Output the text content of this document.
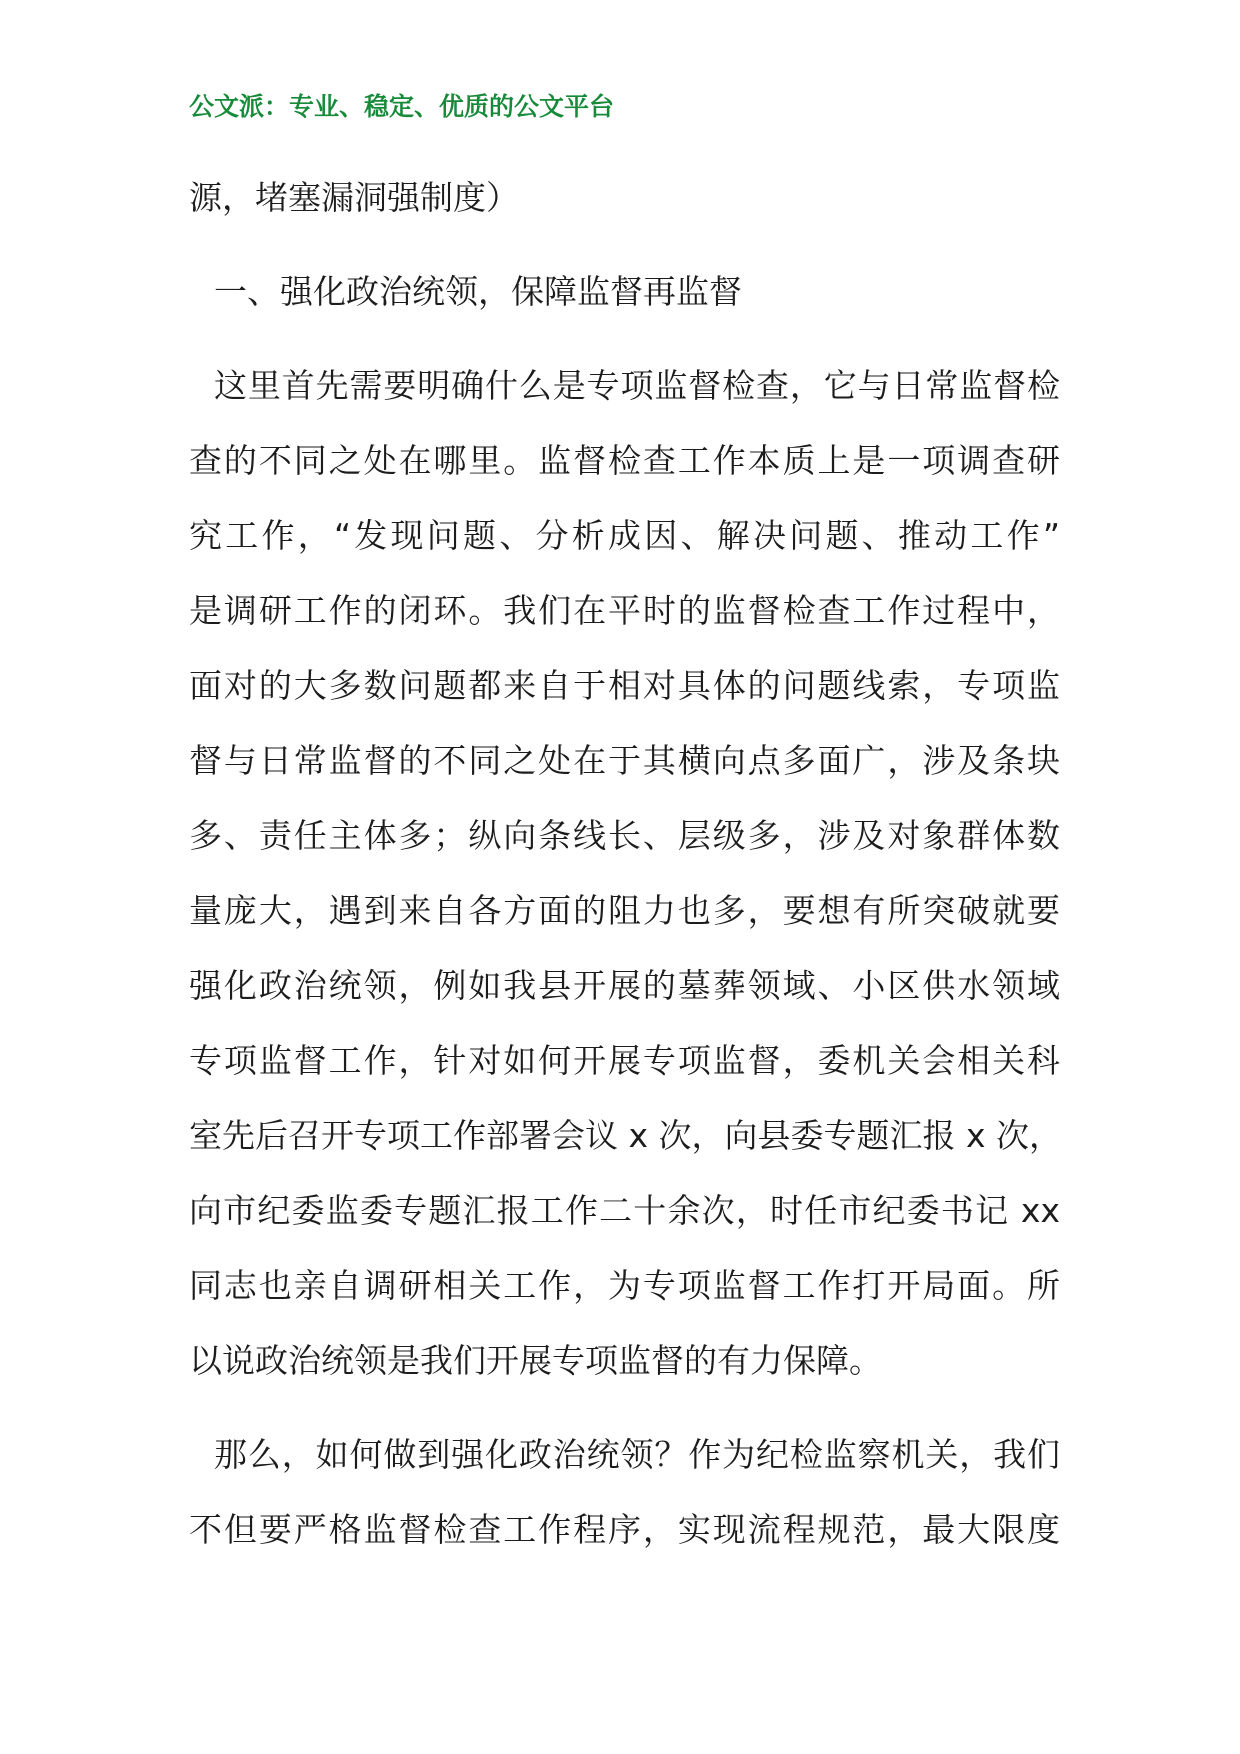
公文派：专业、稳定、优质的公文平台
源，堵塞漏洞强制度）
一、强化政治统领，保障监督再监督
这里首先需要明确什么是专项监督检查，它与日常监督检
查的不同之处在哪里。监督检查工作本质上是一项调查研
究工作，“发现问题、分析成因、解决问题、推动工作”
是调研工作的闭环。我们在平时的监督检查工作过程中，
面对的大多数问题都来自于相对具体的问题线索，专项监
督与日常监督的不同之处在于其横向点多面广，涉及条块
多、责任主体多；纵向条线长、层级多，涉及对象群体数
量庞大，遇到来自各方面的阻力也多，要想有所突破就要
强化政治统领，例如我县开展的墓葬领域、小区供水领域
专项监督工作，针对如何开展专项监督，委机关会相关科
室先后召开专项工作部署会议 x 次，向县委专题汇报 x 次，
向市纪委监委专题汇报工作二十余次，时任市纪委书记 xx
同志也亲自调研相关工作，为专项监督工作打开局面。所
以说政治统领是我们开展专项监督的有力保障。
那么，如何做到强化政治统领？作为纪检监察机关，我们
不但要严格监督检查工作程序，实现流程规范，最大限度
